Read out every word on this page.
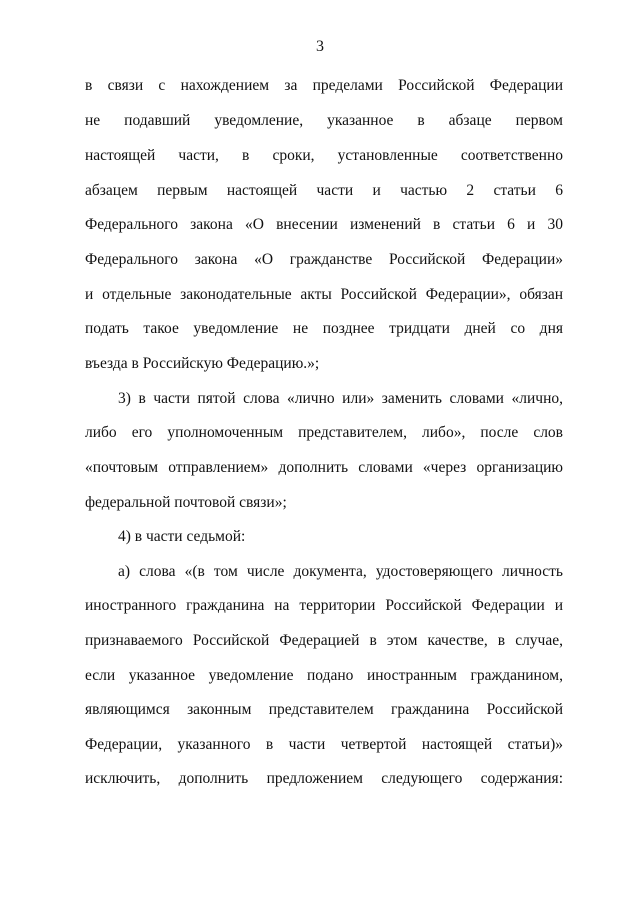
3
в связи с нахождением за пределами Российской Федерации
не подавший уведомление, указанное в абзаце первом
настоящей части, в сроки, установленные соответственно
абзацем первым настоящей части и частью 2 статьи 6
Федерального закона «О внесении изменений в статьи 6 и 30
Федерального закона «О гражданстве Российской Федерации»
и отдельные законодательные акты Российской Федерации», обязан
подать такое уведомление не позднее тридцати дней со дня
въезда в Российскую Федерацию.»;
3) в части пятой слова «лично или» заменить словами «лично,
либо его уполномоченным представителем, либо», после слов
«почтовым отправлением» дополнить словами «через организацию
федеральной почтовой связи»;
4) в части седьмой:
а) слова «(в том числе документа, удостоверяющего личность
иностранного гражданина на территории Российской Федерации и
признаваемого Российской Федерацией в этом качестве, в случае,
если указанное уведомление подано иностранным гражданином,
являющимся законным представителем гражданина Российской
Федерации, указанного в части четвертой настоящей статьи)»
исключить, дополнить предложением следующего содержания:
